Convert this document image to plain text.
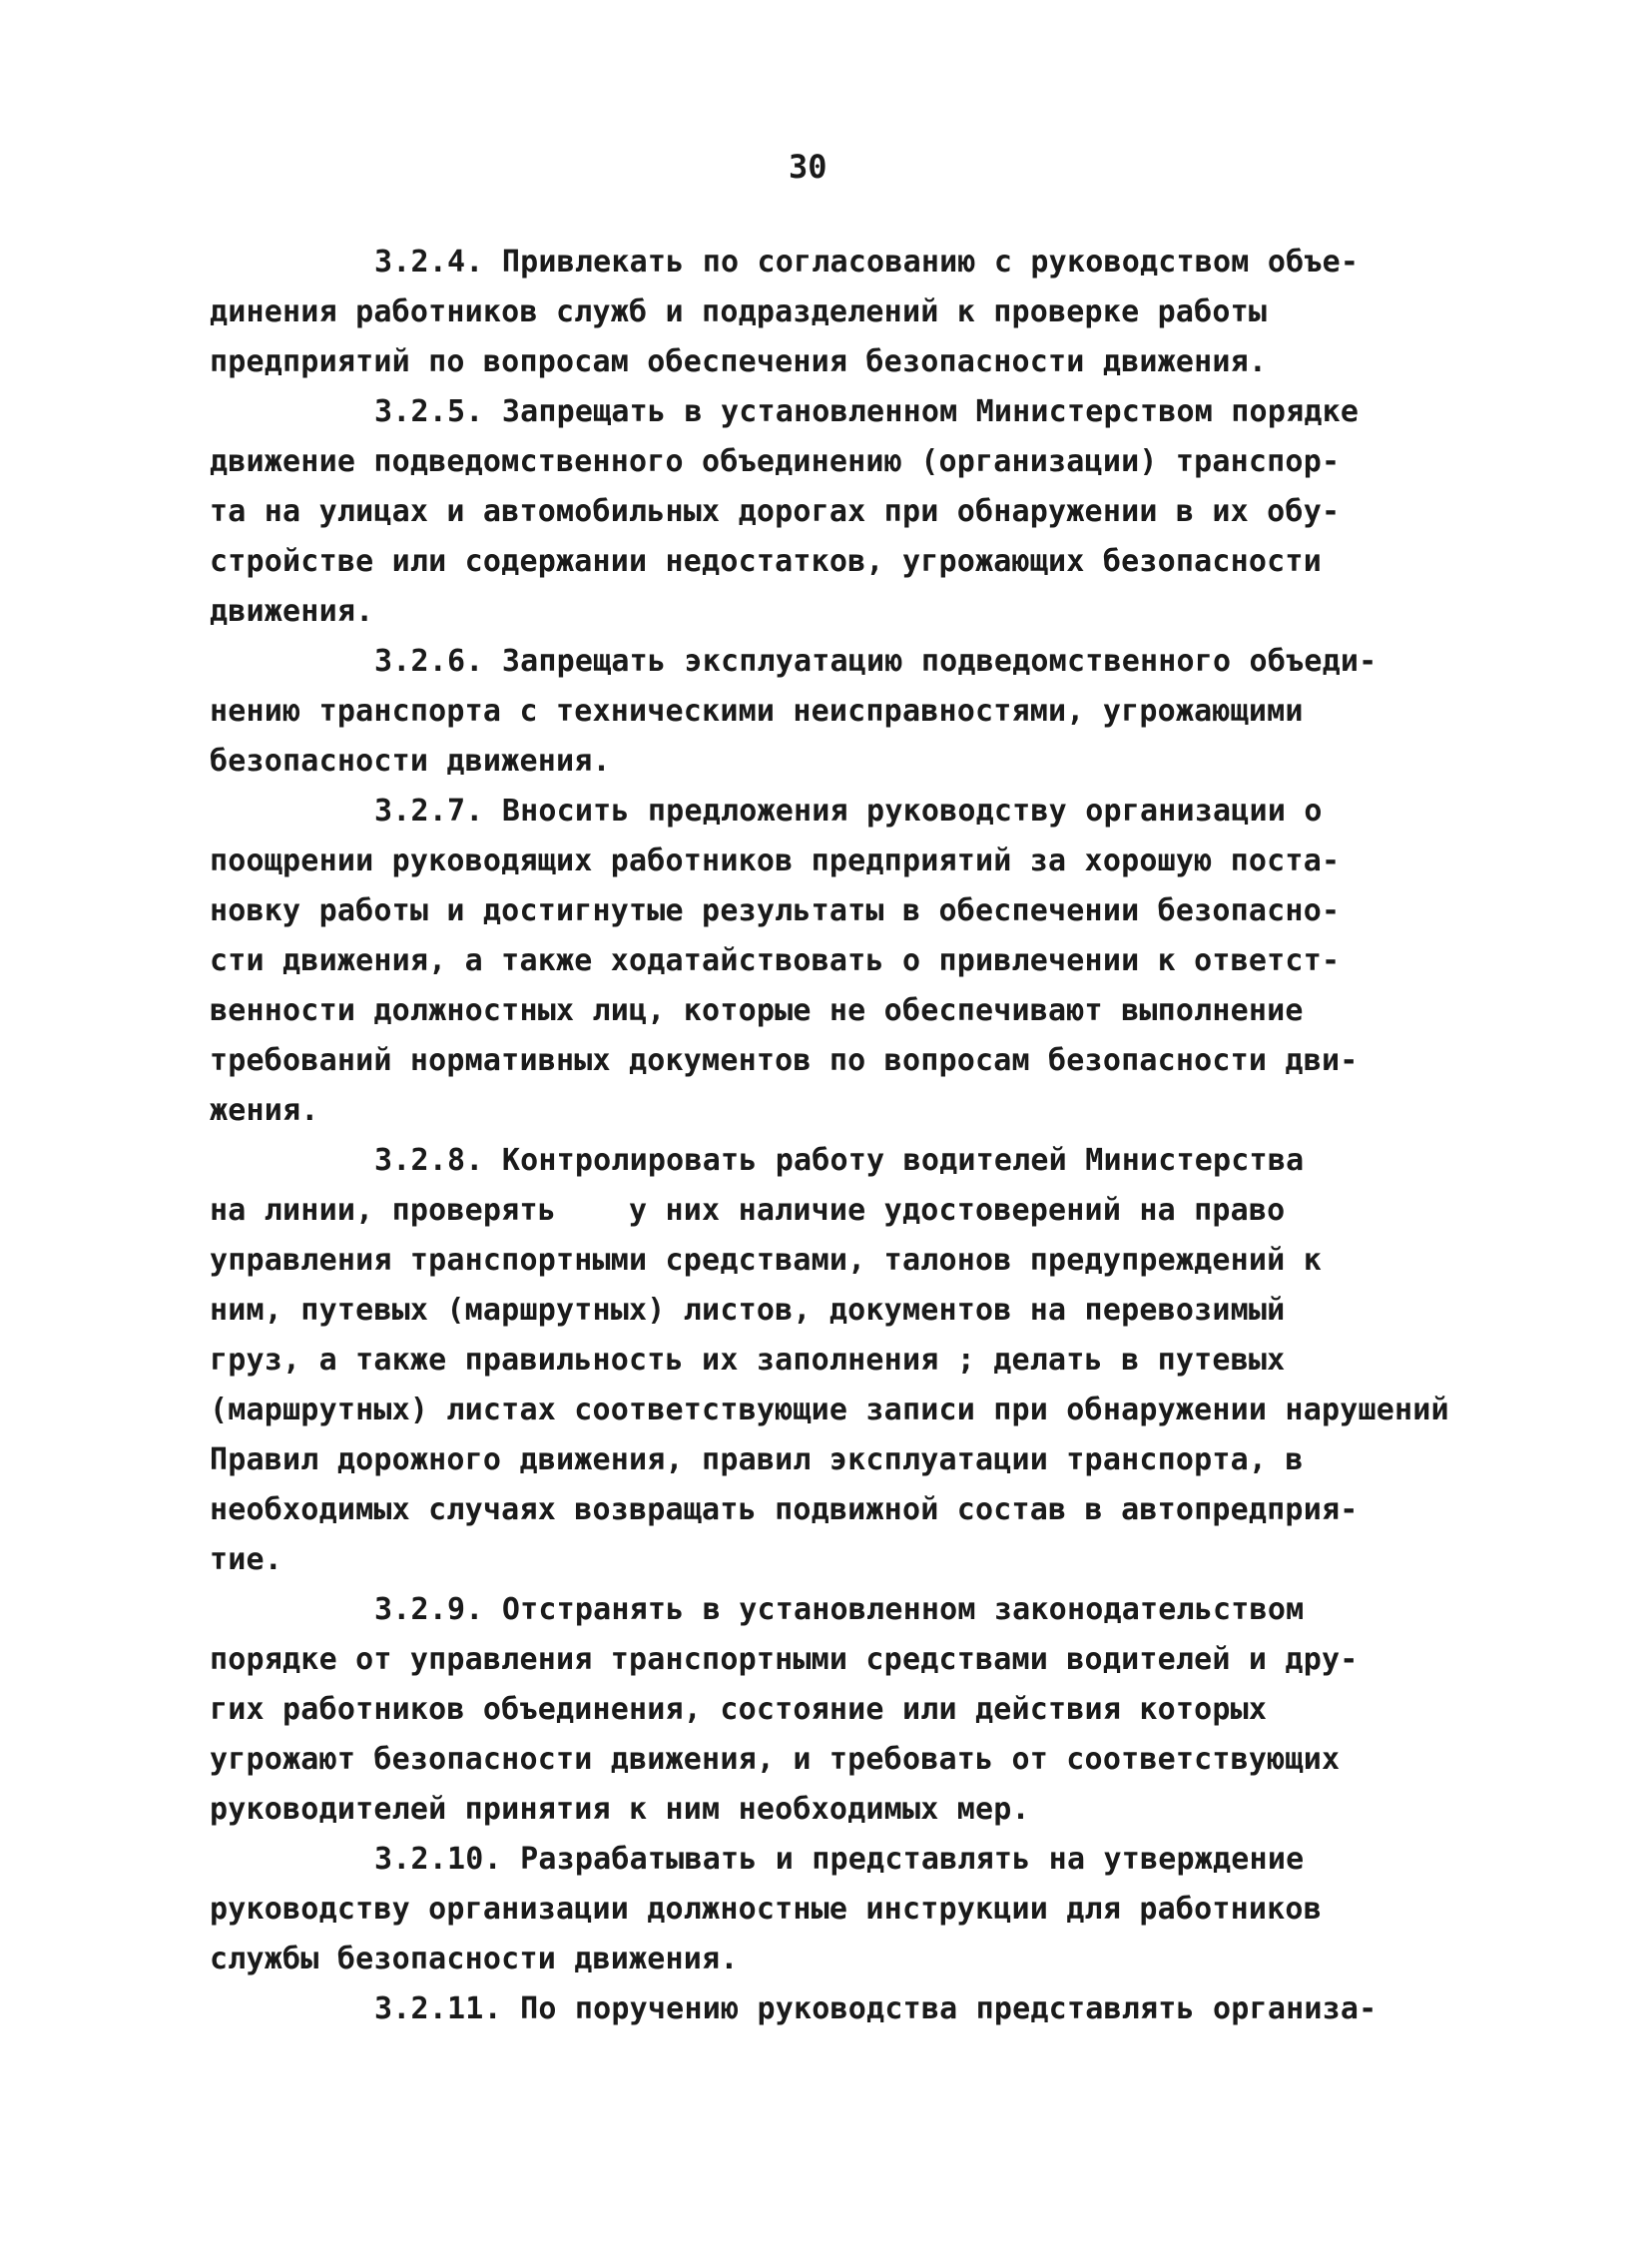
30
3.2.4. Привлекать по согласованию с руководством объе-
динения работников служб и подразделений к проверке работы
предприятий по вопросам обеспечения безопасности движения.
3.2.5. Запрещать в установленном Министерством порядке
движение подведомственного объединению (организации) транспор-
та на улицах и автомобильных дорогах при обнаружении в их обу-
стройстве или содержании недостатков, угрожающих безопасности
движения.
3.2.6. Запрещать эксплуатацию подведомственного объеди-
нению транспорта с техническими неисправностями, угрожающими
безопасности движения.
3.2.7. Вносить предложения руководству организации о
поощрении руководящих работников предприятий за хорошую поста-
новку работы и достигнутые результаты в обеспечении безопасно-
сти движения, а также ходатайствовать о привлечении к ответст-
венности должностных лиц, которые не обеспечивают выполнение
требований нормативных документов по вопросам безопасности дви-
жения.
3.2.8. Контролировать работу водителей Министерства
на линии, проверять    у них наличие удостоверений на право
управления транспортными средствами, талонов предупреждений к
ним, путевых (маршрутных) листов, документов на перевозимый
груз, а также правильность их заполнения ; делать в путевых
(маршрутных) листах соответствующие записи при обнаружении нарушений
Правил дорожного движения, правил эксплуатации транспорта, в
необходимых случаях возвращать подвижной состав в автопредприя-
тие.
3.2.9. Отстранять в установленном законодательством
порядке от управления транспортными средствами водителей и дру-
гих работников объединения, состояние или действия которых
угрожают безопасности движения, и требовать от соответствующих
руководителей принятия к ним необходимых мер.
3.2.10. Разрабатывать и представлять на утверждение
руководству организации должностные инструкции для работников
службы безопасности движения.
3.2.11. По поручению руководства представлять организа-
